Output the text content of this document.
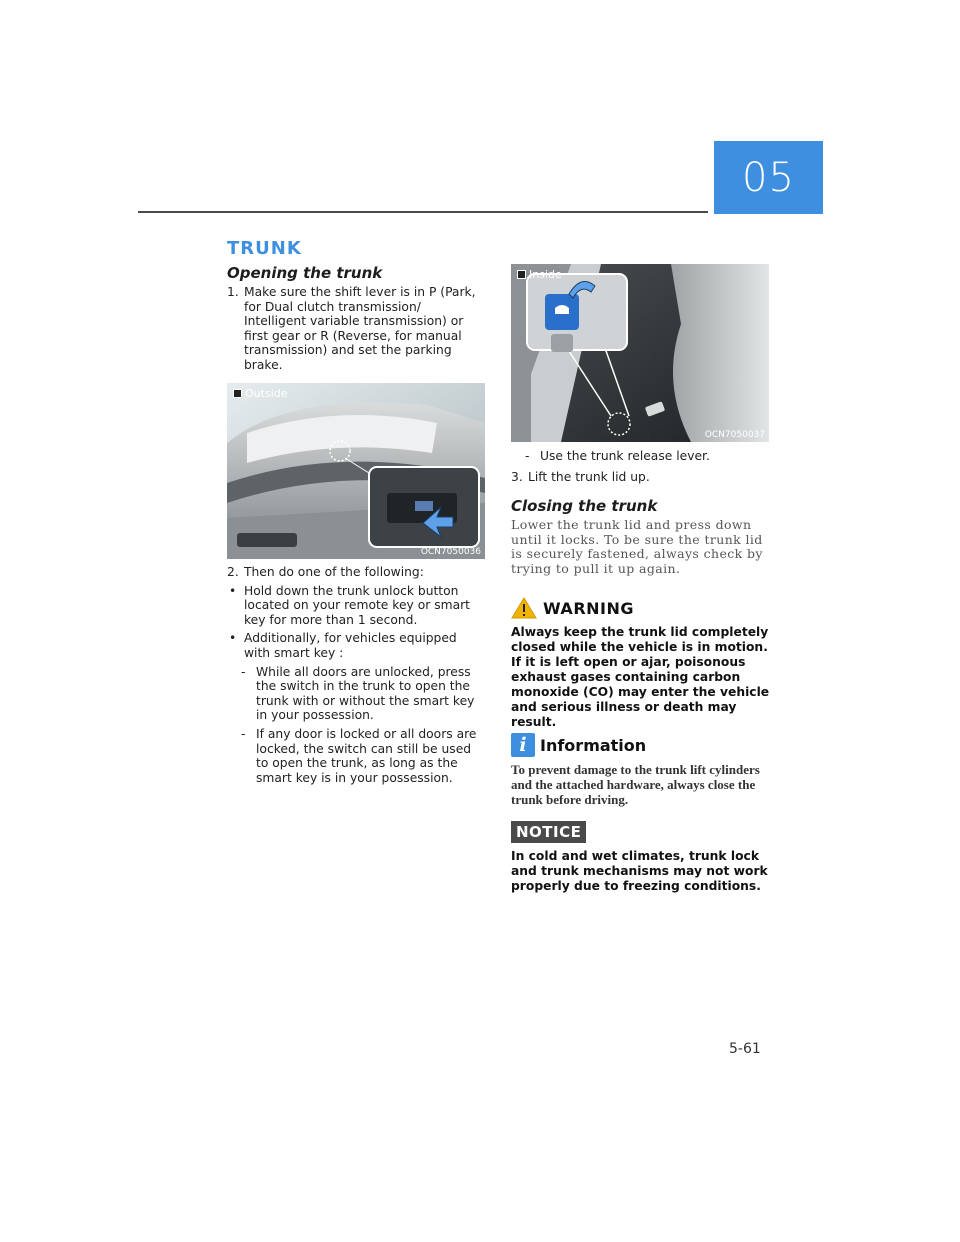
05
TRUNK
Opening the trunk
1. Make sure the shift lever is in P (Park, for Dual clutch transmission/ Intelligent variable transmission) or first gear or R (Reverse, for manual transmission) and set the parking brake.
Outside
OCN7050036
2. Then do one of the following:
• Hold down the trunk unlock button located on your remote key or smart key for more than 1 second.
• Additionally, for vehicles equipped with smart key :
- While all doors are unlocked, press the switch in the trunk to open the trunk with or without the smart key in your possession.
- If any door is locked or all doors are locked, the switch can still be used to open the trunk, as long as the smart key is in your possession.
Inside
OCN7050037
- Use the trunk release lever.
3. Lift the trunk lid up.
Closing the trunk
Lower the trunk lid and press down until it locks. To be sure the trunk lid is securely fastened, always check by trying to pull it up again.
WARNING
Always keep the trunk lid completely closed while the vehicle is in motion. If it is left open or ajar, poisonous exhaust gases containing carbon monoxide (CO) may enter the vehicle and serious illness or death may result.
i Information
To prevent damage to the trunk lift cylinders and the attached hardware, always close the trunk before driving.
NOTICE
In cold and wet climates, trunk lock and trunk mechanisms may not work properly due to freezing conditions.
5-61
